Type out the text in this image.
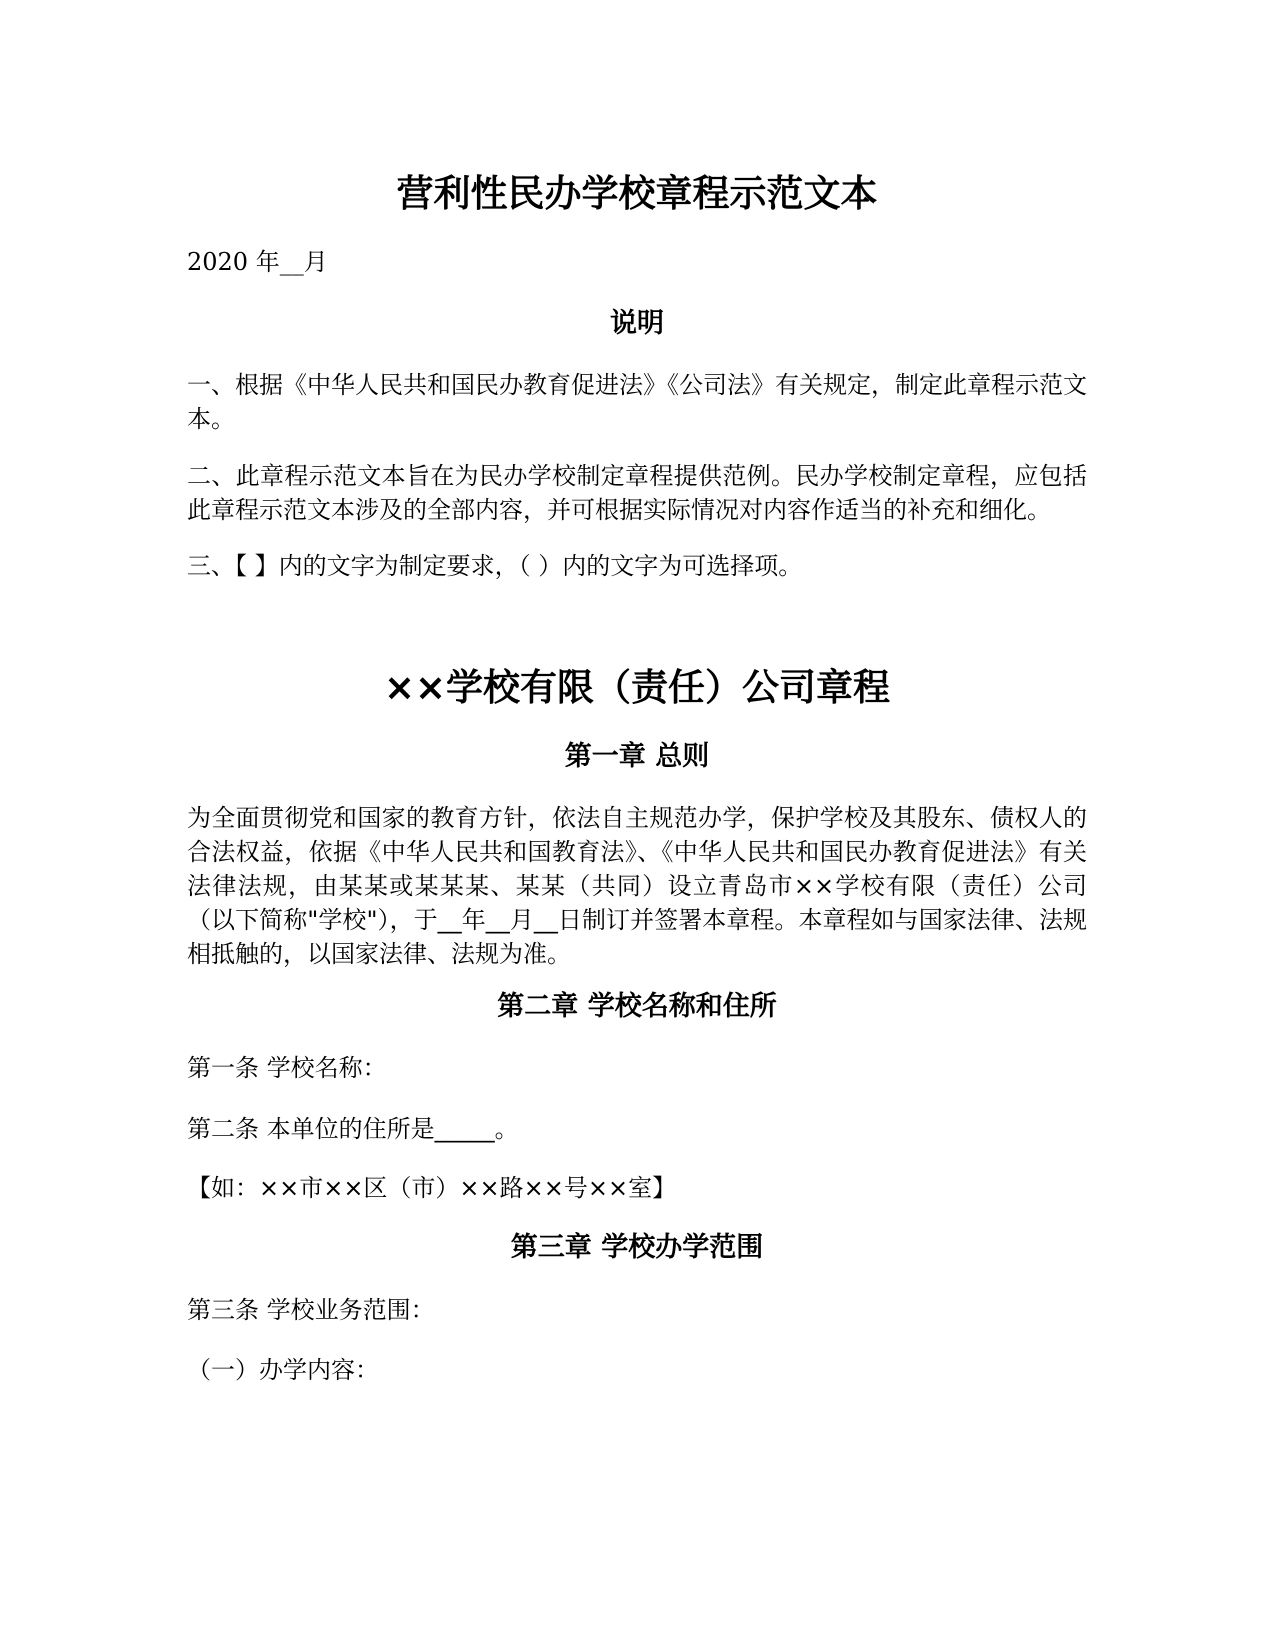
营利性民办学校章程示范文本

2020 年__月

说明

一、根据《中华人民共和国民办教育促进法》《公司法》有关规定，制定此章程示范文本。

二、此章程示范文本旨在为民办学校制定章程提供范例。民办学校制定章程，应包括此章程示范文本涉及的全部内容，并可根据实际情况对内容作适当的补充和细化。

三、【 】内的文字为制定要求，（ ）内的文字为可选择项。

××学校有限（责任）公司章程
第一章 总则

为全面贯彻党和国家的教育方针，依法自主规范办学，保护学校及其股东、债权人的合法权益，依据《中华人民共和国教育法》、《中华人民共和国民办教育促进法》有关法律法规，由某某或某某某、某某（共同）设立青岛市××学校有限（责任）公司（以下简称"学校"），于__年__月__日制订并签署本章程。本章程如与国家法律、法规相抵触的，以国家法律、法规为准。

第二章 学校名称和住所

第一条 学校名称：

第二条 本单位的住所是_____。

【如：××市××区（市）××路××号××室】

第三章 学校办学范围

第三条 学校业务范围：

（一）办学内容：
